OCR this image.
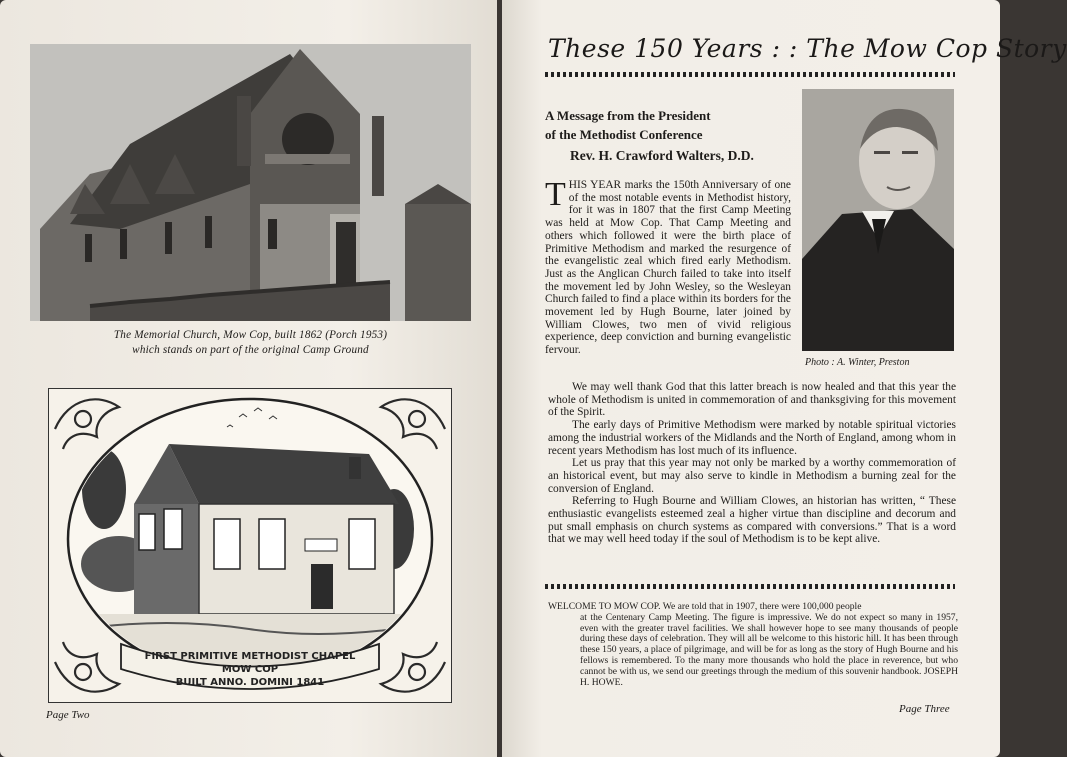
The Memorial Church, Mow Cop, built 1862 (Porch 1953)
which stands on part of the original Camp Ground
FIRST PRIMITIVE METHODIST CHAPEL
MOW COP
BUILT ANNO. DOMINI 1841
Page Two
These 150 Years : : The Mow Cop Story
A Message from the President
of the Methodist Conference
Rev. H. Crawford Walters, D.D.
Photo : A. Winter, Preston
THIS YEAR marks the 150th Anniversary of one of the most notable events in Methodist history, for it was in 1807 that the first Camp Meeting was held at Mow Cop. That Camp Meeting and others which followed it were the birth place of Primitive Methodism and marked the resurgence of the evangelistic zeal which fired early Methodism. Just as the Anglican Church failed to take into itself the movement led by John Wesley, so the Wesleyan Church failed to find a place within its borders for the movement led by Hugh Bourne, later joined by William Clowes, two men of vivid religious experience, deep conviction and burning evangelistic fervour.

We may well thank God that this latter breach is now healed and that this year the whole of Methodism is united in commemoration of and thanksgiving for this movement of the Spirit.

The early days of Primitive Methodism were marked by notable spiritual victories among the industrial workers of the Midlands and the North of England, among whom in recent years Methodism has lost much of its influence.

Let us pray that this year may not only be marked by a worthy commemoration of an historical event, but may also serve to kindle in Methodism a burning zeal for the conversion of England.

Referring to Hugh Bourne and William Clowes, an historian has written, “ These enthusiastic evangelists esteemed zeal a higher virtue than discipline and decorum and put small emphasis on church systems as compared with conversions.” That is a word that we may well heed today if the soul of Methodism is to be kept alive.

WELCOME TO MOW COP. We are told that in 1907, there were 100,000 people
at the Centenary Camp Meeting. The figure is impressive. We do not expect so many in 1957, even with the greater travel facilities. We shall however hope to see many thousands of people during these days of celebration. They will all be welcome to this historic hill. It has been through these 150 years, a place of pilgrimage, and will be for as long as the story of Hugh Bourne and his fellows is remembered. To the many more thousands who hold the place in reverence, but who cannot be with us, we send our greetings through the medium of this souvenir handbook. JOSEPH H. HOWE.
Page Three
